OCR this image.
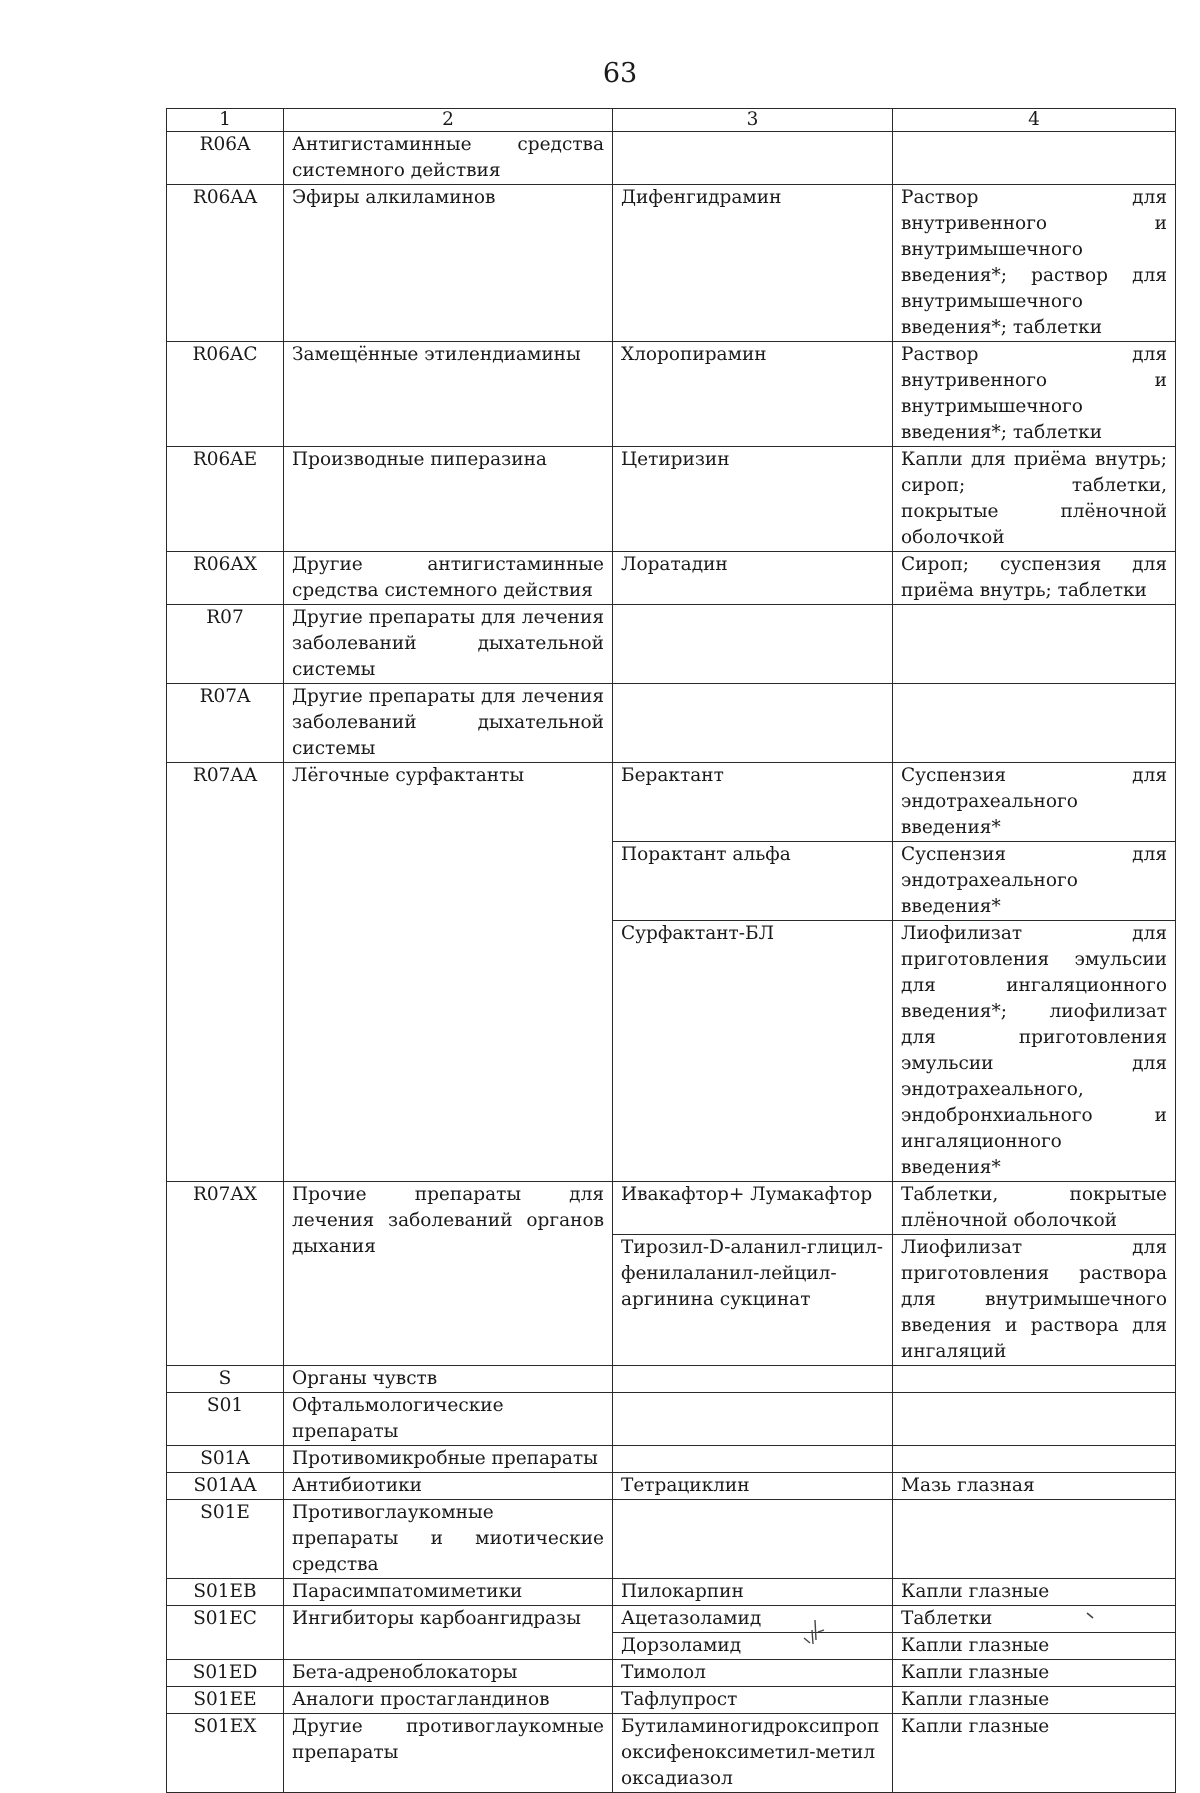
63
1	2	3	4
R06A	Антигистаминные средства системного действия		
R06AA	Эфиры алкиламинов	Дифенгидрамин	Раствор для внутривенного и внутримышечного введения*; раствор для внутримышечного введения*; таблетки
R06AC	Замещённые этилендиамины	Хлоропирамин	Раствор для внутривенного и внутримышечного введения*; таблетки
R06AE	Производные пиперазина	Цетиризин	Капли для приёма внутрь; сироп; таблетки, покрытые плёночной оболочкой
R06AX	Другие антигистаминные средства системного действия	Лоратадин	Сироп; суспензия для приёма внутрь; таблетки
R07	Другие препараты для лечения заболеваний дыхательной системы		
R07A	Другие препараты для лечения заболеваний дыхательной системы		
R07AA	Лёгочные сурфактанты	Берактант	Суспензия для эндотрахеального введения*
		Порактант альфа	Суспензия для эндотрахеального введения*
		Сурфактант-БЛ	Лиофилизат для приготовления эмульсии для ингаляционного введения*; лиофилизат для приготовления эмульсии для эндотрахеального, эндобронхиального и ингаляционного введения*
R07AX	Прочие препараты для лечения заболеваний органов дыхания	Ивакафтор+ Лумакафтор	Таблетки, покрытые плёночной оболочкой
		Тирозил-D-аланил-глицил-фенилаланил-лейцил-аргинина сукцинат	Лиофилизат для приготовления раствора для внутримышечного введения и раствора для ингаляций
S	Органы чувств		
S01	Офтальмологические препараты		
S01A	Противомикробные препараты		
S01AA	Антибиотики	Тетрациклин	Мазь глазная
S01E	Противоглаукомные препараты и миотические средства		
S01EB	Парасимпатомиметики	Пилокарпин	Капли глазные
S01EC	Ингибиторы карбоангидразы	Ацетазоламид	Таблетки
		Дорзоламид	Капли глазные
S01ED	Бета-адреноблокаторы	Тимолол	Капли глазные
S01EE	Аналоги простагландинов	Тафлупрост	Капли глазные
S01EX	Другие противоглаукомные препараты	Бутиламиногидроксипропоксифеноксиметил-метилоксадиазол	Капли глазные
